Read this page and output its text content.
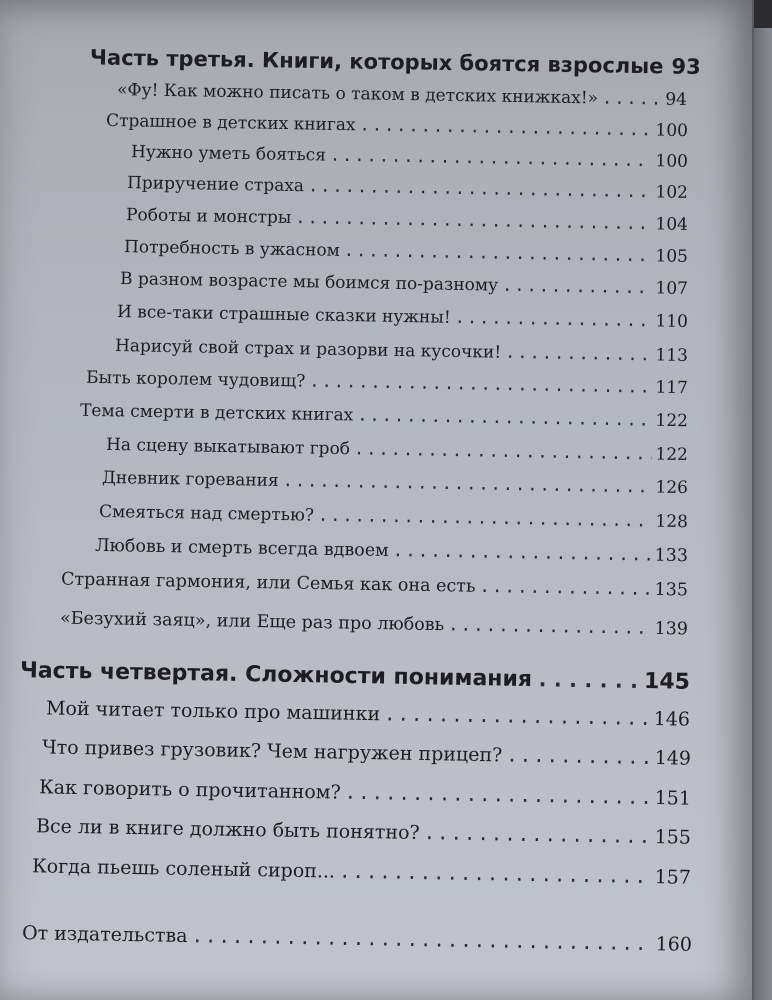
Часть третья. Книги, которых боятся взрослые ..... 93
«Фу! Как можно писать о таком в детских книжках!» .....	94
Страшное в детских книгах .....	100
Нужно уметь бояться .....	100
Приручение страха .....	102
Роботы и монстры .....	104
Потребность в ужасном .....	105
В разном возрасте мы боимся по-разному .....	107
И все-таки страшные сказки нужны! .....	110
Нарисуй свой страх и разорви на кусочки! .....	113
Быть королем чудовищ? .....	117
Тема смерти в детских книгах .....	122
На сцену выкатывают гроб .....	122
Дневник горевания .....	126
Смеяться над смертью? .....	128
Любовь и смерть всегда вдвоем .....	133
Странная гармония, или Семья как она есть .....	135
«Безухий заяц», или Еще раз про любовь .....	139
Часть четвертая. Сложности понимания .....	145
Мой читает только про машинки .....	146
Что привез грузовик? Чем нагружен прицеп? .....	149
Как говорить о прочитанном? .....	151
Все ли в книге должно быть понятно? .....	155
Когда пьешь соленый сироп... .....	157
От издательства .....	160
